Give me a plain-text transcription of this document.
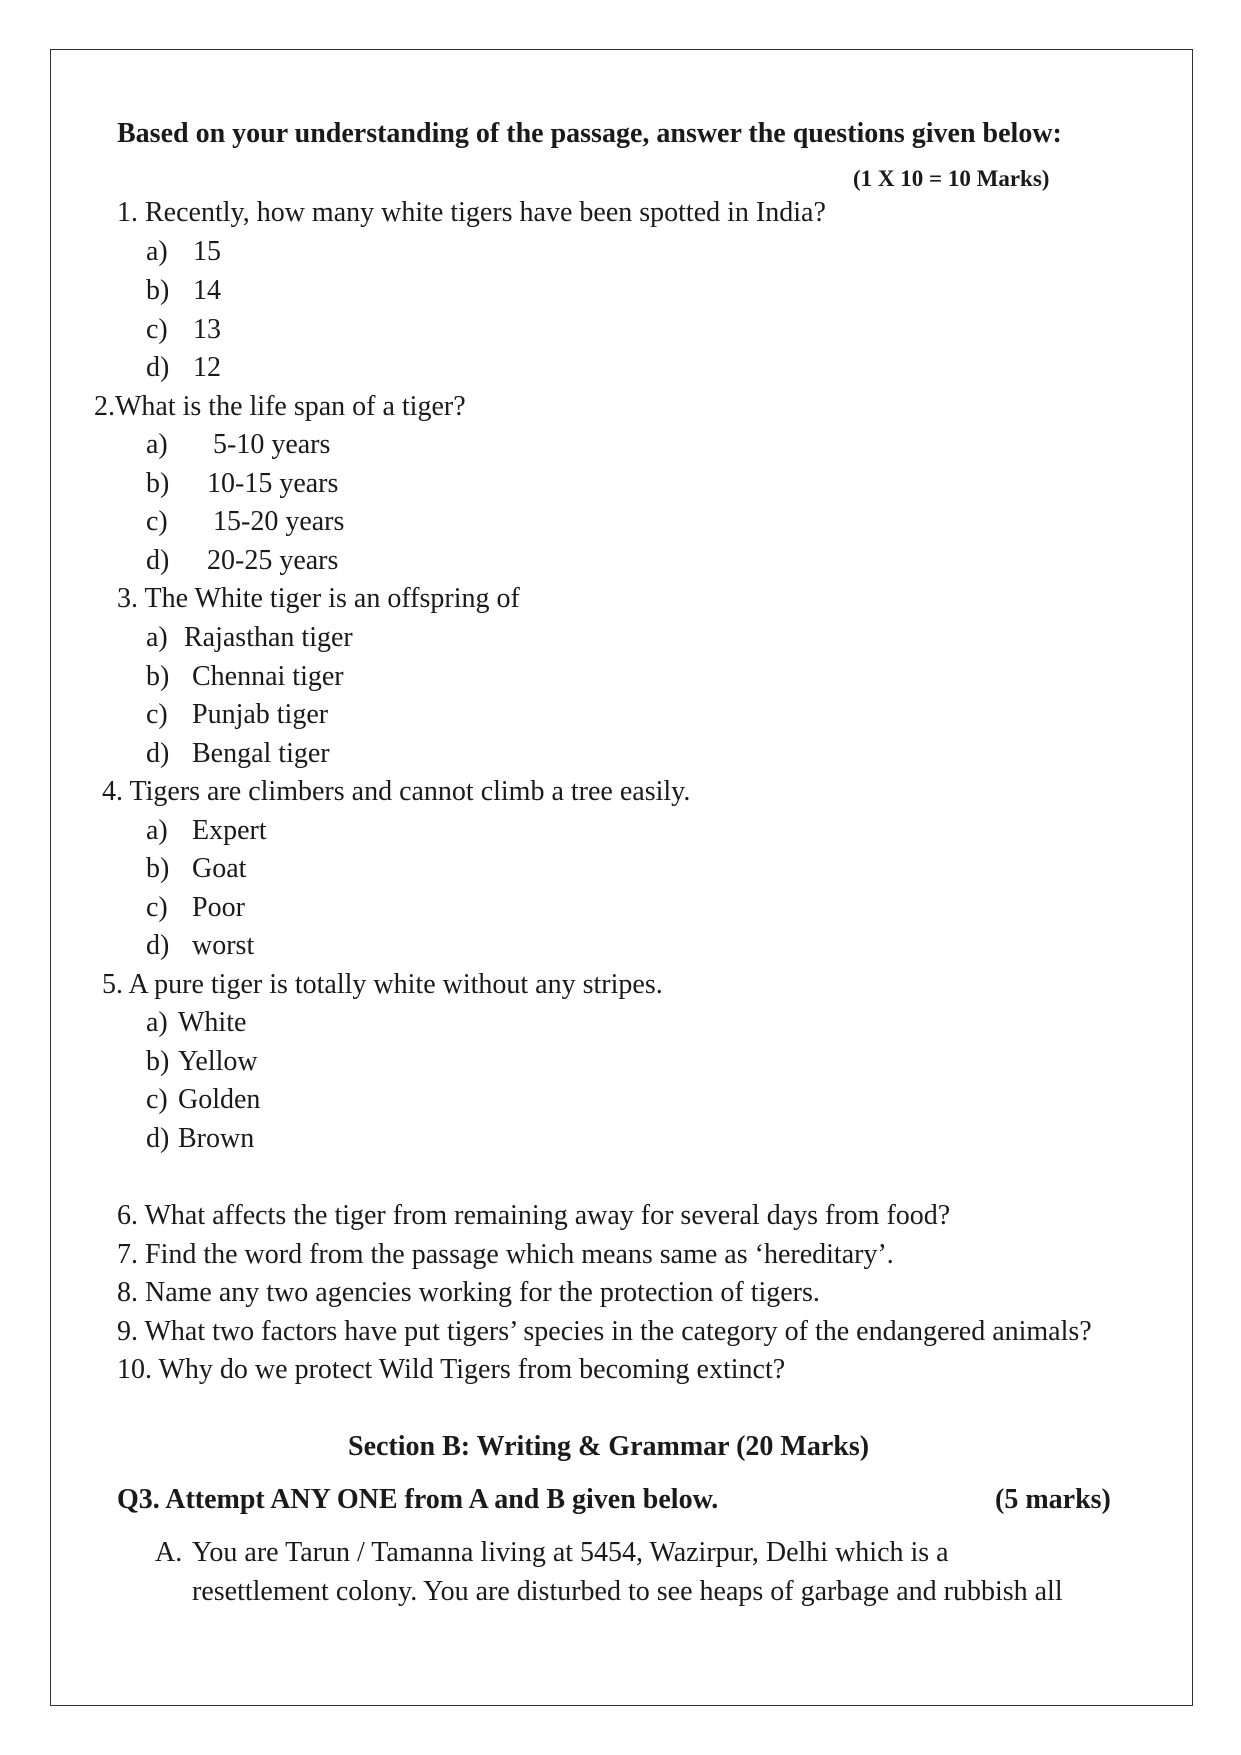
Based on your understanding of the passage, answer the questions given below:
(1 X 10 = 10 Marks)
1. Recently, how many white tigers have been spotted in India?
a) 15
b) 14
c) 13
d) 12
2.What is the life span of a tiger?
a) 5-10 years
b) 10-15 years
c) 15-20 years
d) 20-25 years
3. The White tiger is an offspring of
a) Rajasthan tiger
b) Chennai tiger
c) Punjab tiger
d) Bengal tiger
4. Tigers are climbers and cannot climb a tree easily.
a) Expert
b) Goat
c) Poor
d) worst
5. A pure tiger is totally white without any stripes.
a) White
b) Yellow
c) Golden
d) Brown
6. What affects the tiger from remaining away for several days from food?
7. Find the word from the passage which means same as ‘hereditary’.
8. Name any two agencies working for the protection of tigers.
9. What two factors have put tigers’ species in the category of the endangered animals?
10. Why do we protect Wild Tigers from becoming extinct?
Section B: Writing & Grammar (20 Marks)
Q3. Attempt ANY ONE from A and B given below.	(5 marks)
A. You are Tarun / Tamanna living at 5454, Wazirpur, Delhi which is a
resettlement colony. You are disturbed to see heaps of garbage and rubbish all
